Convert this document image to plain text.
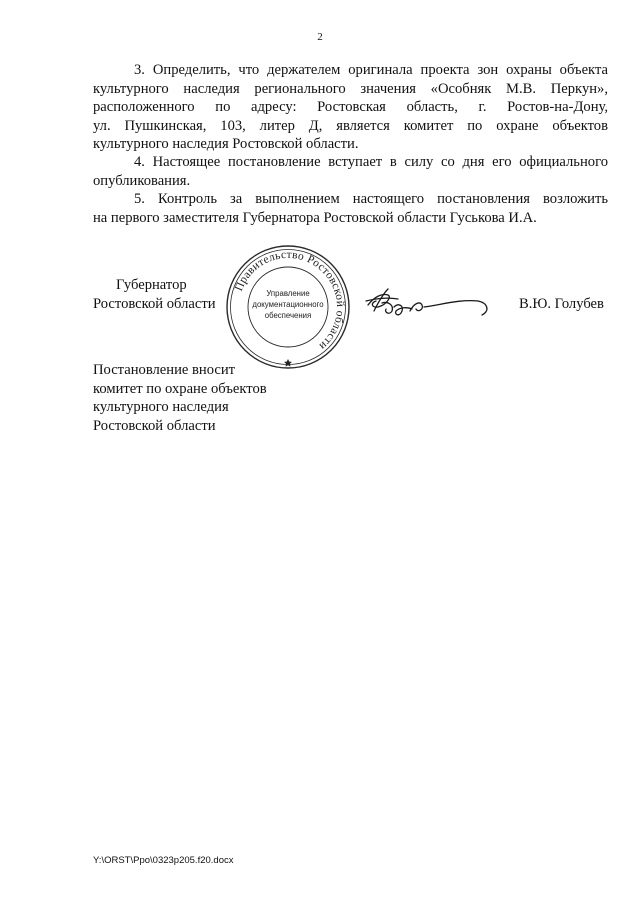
2

3. Определить, что держателем оригинала проекта зон охраны объекта
культурного наследия регионального значения «Особняк М.В. Перкун»,
расположенного по адресу: Ростовская область, г. Ростов-на-Дону,
ул. Пушкинская, 103, литер Д, является комитет по охране объектов
культурного наследия Ростовской области.

4. Настоящее постановление вступает в силу со дня его официального
опубликования.

5. Контроль за выполнением настоящего постановления возложить
на первого заместителя Губернатора Ростовской области Гуськова И.А.

Губернатор
Ростовской области
Правительство Ростовской области
Управление
документационного
обеспечения
В.Ю. Голубев
Постановление вносит
комитет по охране объектов
культурного наследия
Ростовской области
Y:\ORST\Ppo\0323p205.f20.docx
